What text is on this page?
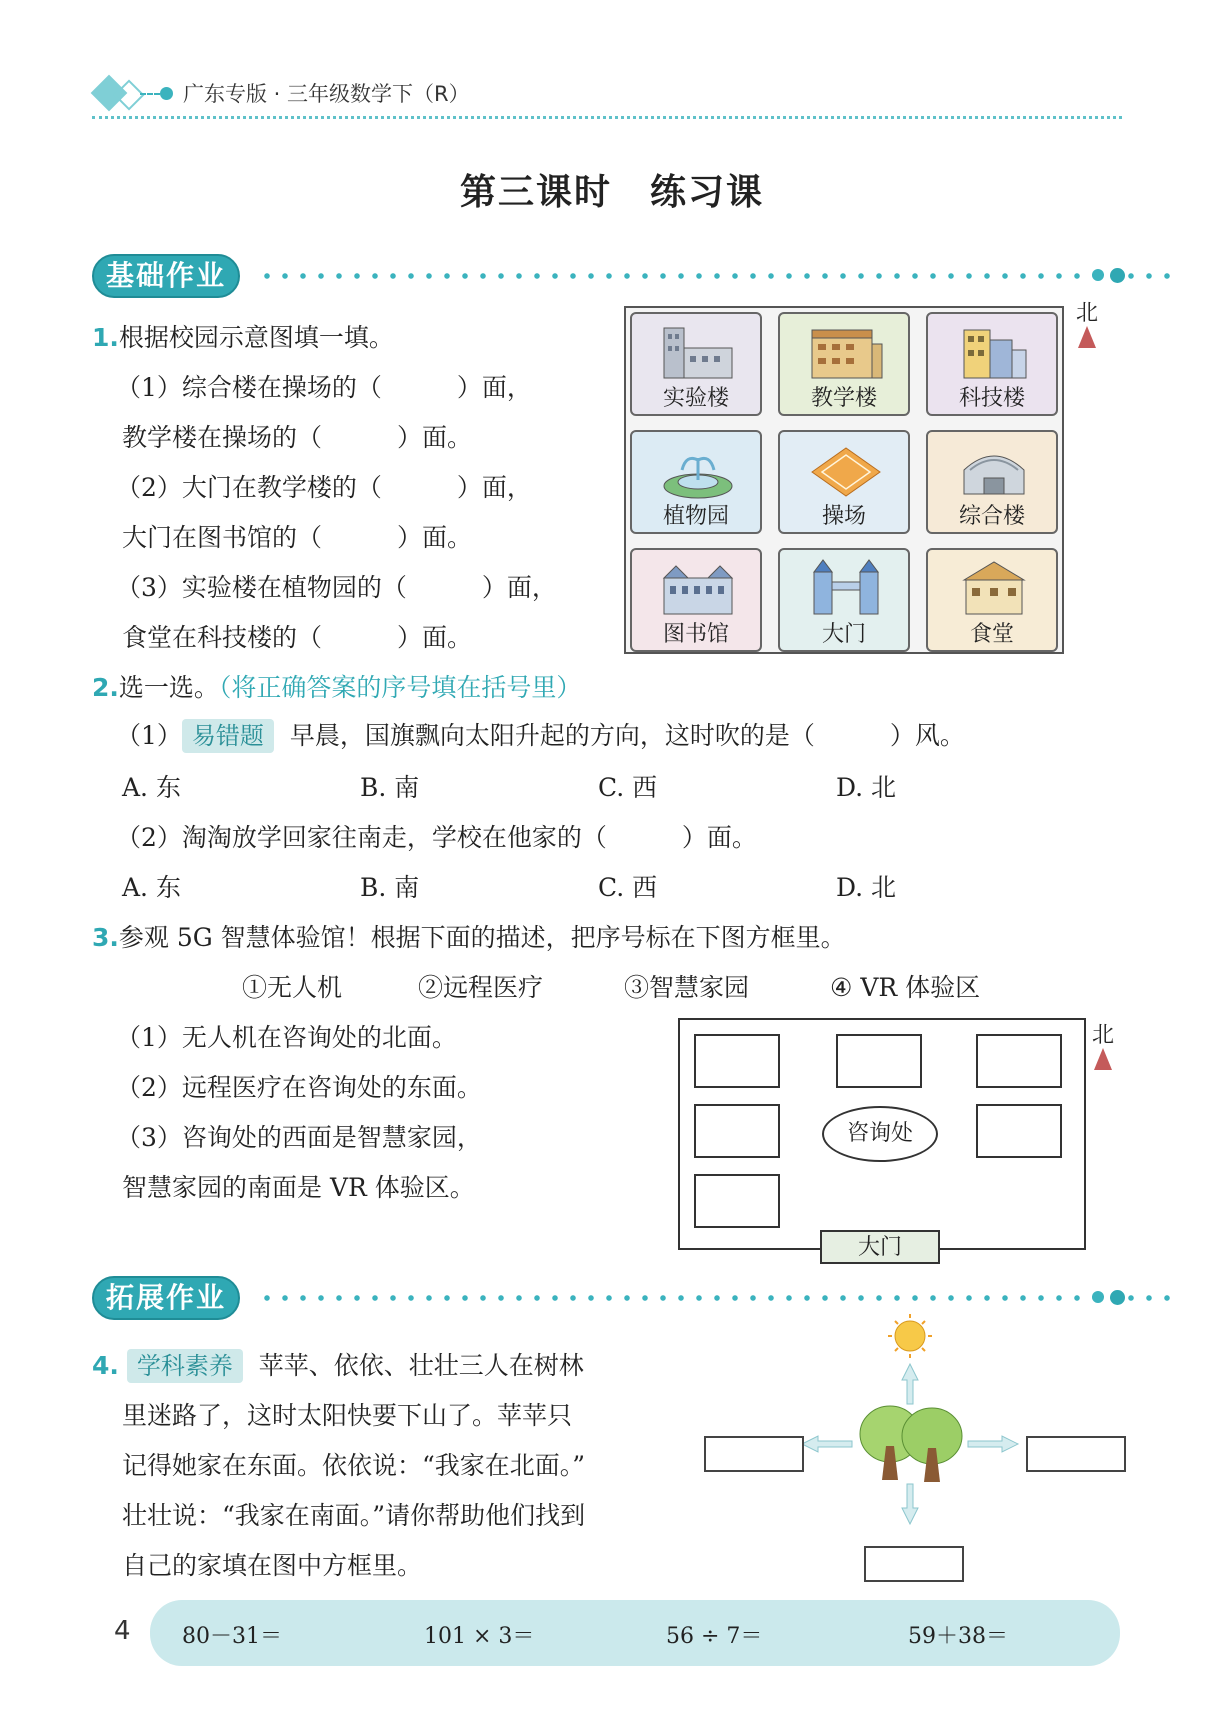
广东专版 · 三年级数学下（R）
第三课时　练习课
基础作业
1.根据校园示意图填一填。
（1）综合楼在操场的（　　　）面，
教学楼在操场的（　　　）面。
（2）大门在教学楼的（　　　）面，
大门在图书馆的（　　　）面。
（3）实验楼在植物园的（　　　）面，
食堂在科技楼的（　　　）面。
实验楼	教学楼	科技楼
植物园	操场	综合楼
图书馆	大门	食堂
北
2.选一选。（将正确答案的序号填在括号里）
（1） 易错题 早晨，国旗飘向太阳升起的方向，这时吹的是（　　　）风。
A. 东	B. 南	C. 西	D. 北
（2）淘淘放学回家往南走，学校在他家的（　　　）面。
A. 东	B. 南	C. 西	D. 北
3.参观 5G 智慧体验馆！根据下面的描述，把序号标在下图方框里。
①无人机	②远程医疗	③智慧家园	④ VR 体验区
（1）无人机在咨询处的北面。
（2）远程医疗在咨询处的东面。
（3）咨询处的西面是智慧家园，
智慧家园的南面是 VR 体验区。
咨询处
大门
北
拓展作业
4. 学科素养 苹苹、依依、壮壮三人在树林
里迷路了，这时太阳快要下山了。苹苹只
记得她家在东面。依依说：“我家在北面。”
壮壮说：“我家在南面。”请你帮助他们找到
自己的家填在图中方框里。
4 80－31＝	101 × 3＝	56 ÷ 7＝	59＋38＝
